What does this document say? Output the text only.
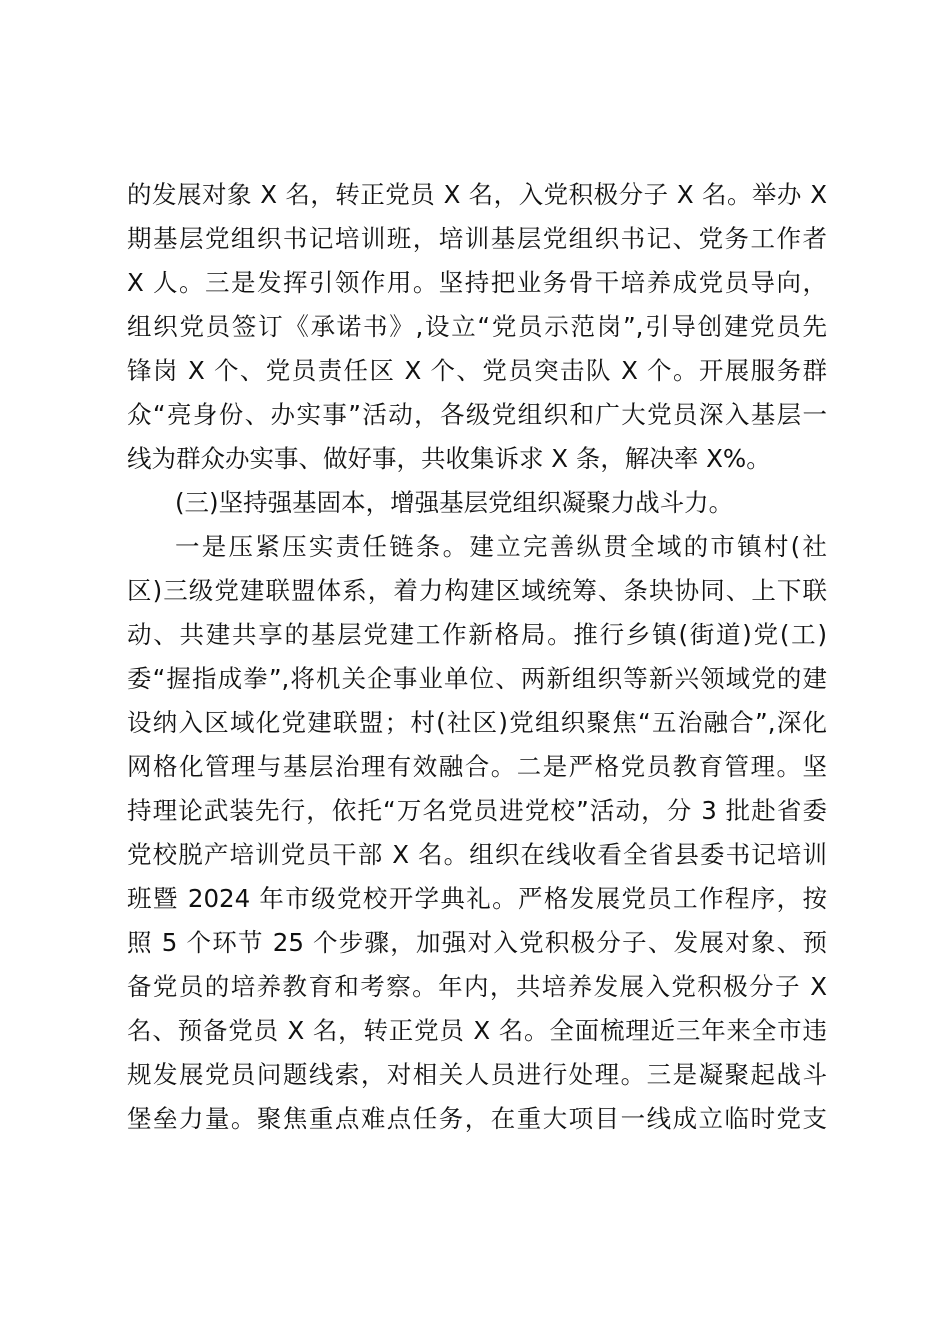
的发展对象 X 名，转正党员 X 名，入党积极分子 X 名。举办 X
期基层党组织书记培训班，培训基层党组织书记、党务工作者
X 人。三是发挥引领作用。坚持把业务骨干培养成党员导向，
组织党员签订《承诺书》,设立“党员示范岗”,引导创建党员先
锋岗 X 个、党员责任区 X 个、党员突击队 X 个。开展服务群
众“亮身份、办实事”活动，各级党组织和广大党员深入基层一
线为群众办实事、做好事，共收集诉求 X 条，解决率 X%。
(三)坚持强基固本，增强基层党组织凝聚力战斗力。
一是压紧压实责任链条。建立完善纵贯全域的市镇村(社
区)三级党建联盟体系，着力构建区域统筹、条块协同、上下联
动、共建共享的基层党建工作新格局。推行乡镇(街道)党(工)
委“握指成拳”,将机关企事业单位、两新组织等新兴领域党的建
设纳入区域化党建联盟；村(社区)党组织聚焦“五治融合”,深化
网格化管理与基层治理有效融合。二是严格党员教育管理。坚
持理论武装先行，依托“万名党员进党校”活动，分 3 批赴省委
党校脱产培训党员干部 X 名。组织在线收看全省县委书记培训
班暨 2024 年市级党校开学典礼。严格发展党员工作程序，按
照 5 个环节 25 个步骤，加强对入党积极分子、发展对象、预
备党员的培养教育和考察。年内，共培养发展入党积极分子 X
名、预备党员 X 名，转正党员 X 名。全面梳理近三年来全市违
规发展党员问题线索，对相关人员进行处理。三是凝聚起战斗
堡垒力量。聚焦重点难点任务，在重大项目一线成立临时党支
